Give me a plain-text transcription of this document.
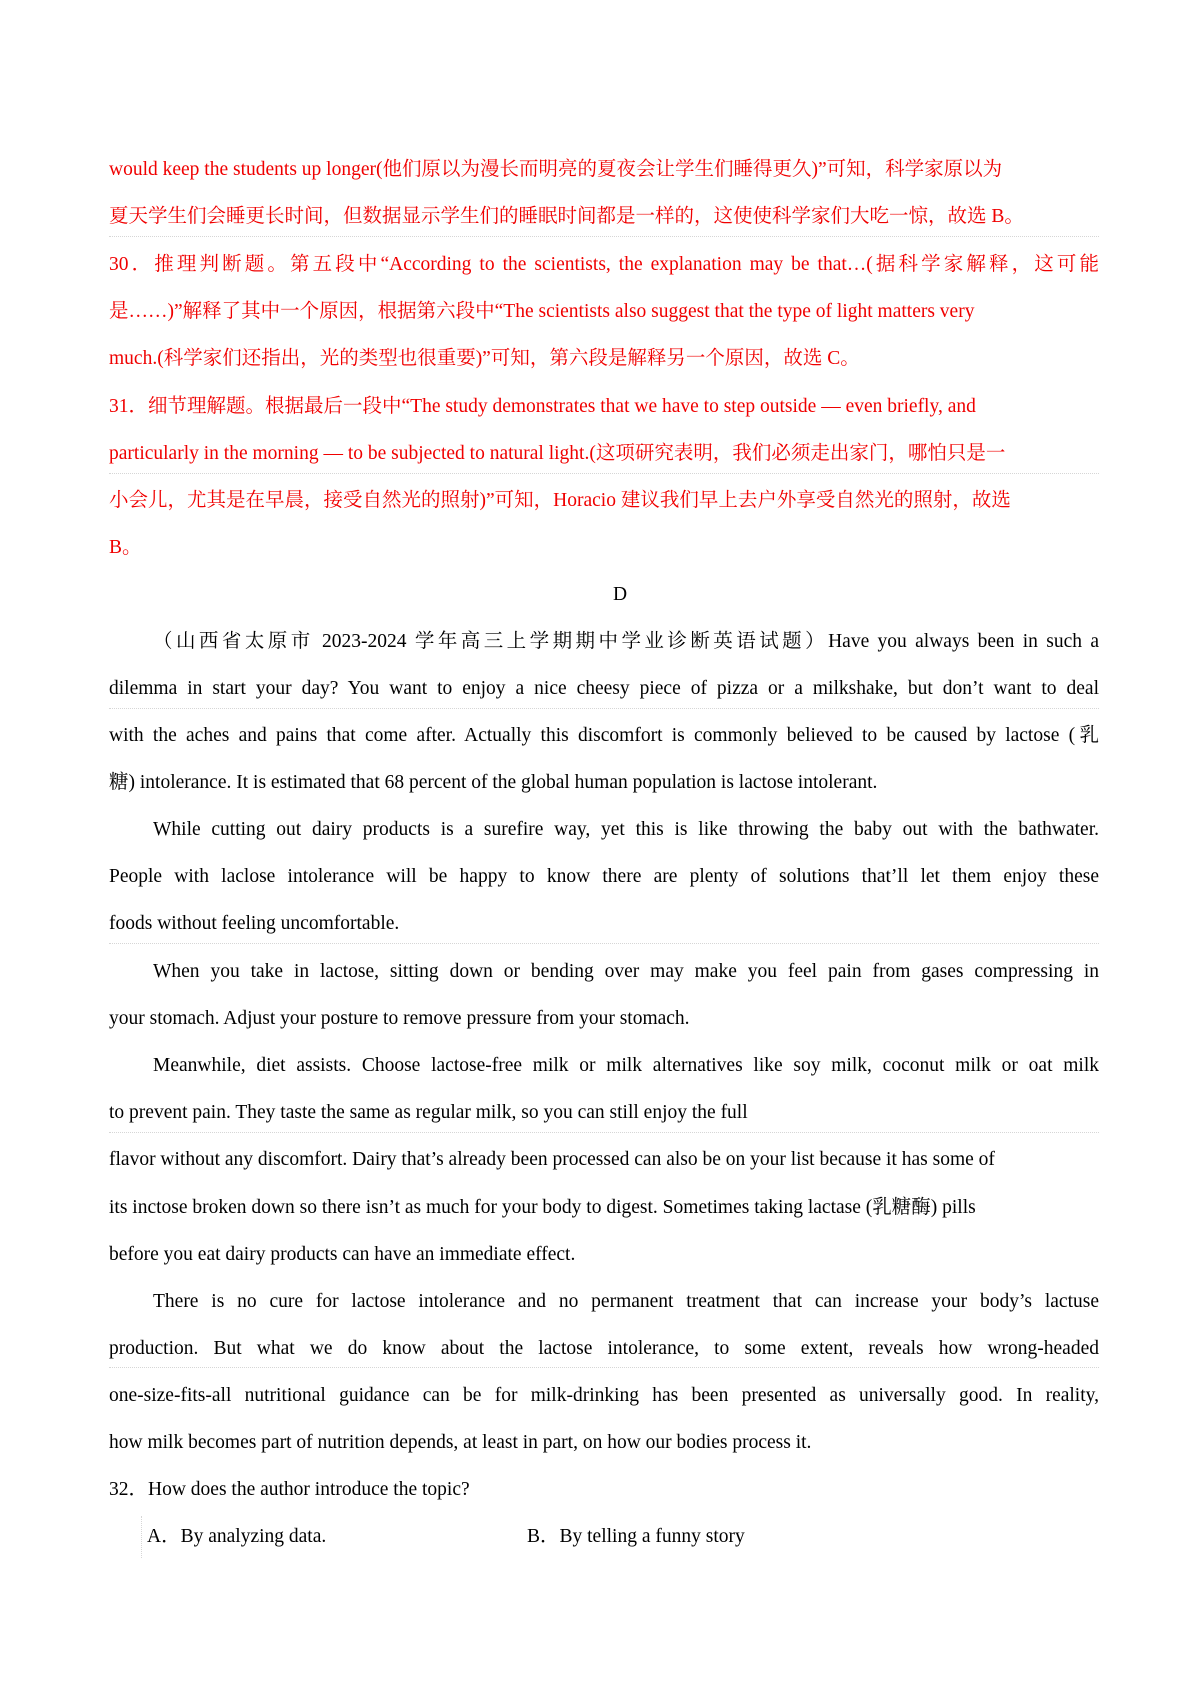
would keep the students up longer(他们原以为漫长而明亮的夏夜会让学生们睡得更久)”可知，科学家原以为
夏天学生们会睡更长时间，但数据显示学生们的睡眠时间都是一样的，这使使科学家们大吃一惊，故选 B。
30．推理判断题。第五段中“According to the scientists, the explanation may be that…(据科学家解释，这可能
是……)”解释了其中一个原因，根据第六段中“The scientists also suggest that the type of light matters very
much.(科学家们还指出，光的类型也很重要)”可知，第六段是解释另一个原因，故选 C。
31．细节理解题。根据最后一段中“The study demonstrates that we have to step outside — even briefly, and
particularly in the morning — to be subjected to natural light.(这项研究表明，我们必须走出家门，哪怕只是一
小会儿，尤其是在早晨，接受自然光的照射)”可知，Horacio 建议我们早上去户外享受自然光的照射，故选
B。
D
（山西省太原市 2023-2024 学年高三上学期期中学业诊断英语试题）Have you always been in such a
dilemma in start your day? You want to enjoy a nice cheesy piece of pizza or a milkshake, but don’t want to deal
with the aches and pains that come after. Actually this discomfort is commonly believed to be caused by lactose (乳
糖) intolerance. It is estimated that 68 percent of the global human population is lactose intolerant.
While cutting out dairy products is a surefire way, yet this is like throwing the baby out with the bathwater.
People with laclose intolerance will be happy to know there are plenty of solutions that’ll let them enjoy these
foods without feeling uncomfortable.
When you take in lactose, sitting down or bending over may make you feel pain from gases compressing in
your stomach. Adjust your posture to remove pressure from your stomach.
Meanwhile, diet assists. Choose lactose-free milk or milk alternatives like soy milk, coconut milk or oat milk
to prevent pain. They taste the same as regular milk, so you can still enjoy the full
flavor without any discomfort. Dairy that’s already been processed can also be on your list because it has some of
its inctose broken down so there isn’t as much for your body to digest. Sometimes taking lactase (乳糖酶) pills
before you eat dairy products can have an immediate effect.
There is no cure for lactose intolerance and no permanent treatment that can increase your body’s lactuse
production. But what we do know about the lactose intolerance, to some extent, reveals how wrong-headed
one-size-fits-all nutritional guidance can be for milk-drinking has been presented as universally good. In reality,
how milk becomes part of nutrition depends, at least in part, on how our bodies process it.
32．How does the author introduce the topic?
A．By analyzing data.	B．By telling a funny story
